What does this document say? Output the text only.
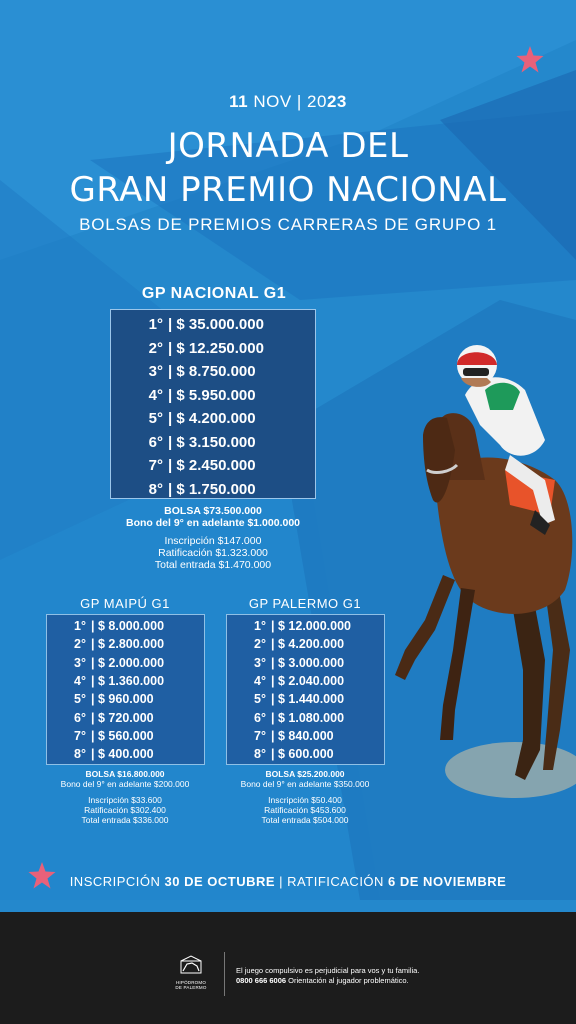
11 NOV | 2023
JORNADA DEL
GRAN PREMIO NACIONAL
BOLSAS DE PREMIOS CARRERAS DE GRUPO 1
GP NACIONAL G1
1° | $ 35.000.000
2° | $ 12.250.000
3° | $ 8.750.000
4° | $ 5.950.000
5° | $ 4.200.000
6° | $ 3.150.000
7° | $ 2.450.000
8° | $ 1.750.000
BOLSA $73.500.000
Bono del 9° en adelante $1.000.000
Inscripción $147.000
Ratificación $1.323.000
Total entrada $1.470.000
GP MAIPÚ G1
1° | $ 8.000.000
2° | $ 2.800.000
3° | $ 2.000.000
4° | $ 1.360.000
5° | $ 960.000
6° | $ 720.000
7° | $ 560.000
8° | $ 400.000
BOLSA $16.800.000
Bono del 9° en adelante $200.000
Inscripción $33.600
Ratificación $302.400
Total entrada $336.000
GP PALERMO G1
1° | $ 12.000.000
2° | $ 4.200.000
3° | $ 3.000.000
4° | $ 2.040.000
5° | $ 1.440.000
6° | $ 1.080.000
7° | $ 840.000
8° | $ 600.000
BOLSA $25.200.000
Bono del 9° en adelante $350.000
Inscripción $50.400
Ratificación $453.600
Total entrada $504.000
INSCRIPCIÓN 30 DE OCTUBRE | RATIFICACIÓN 6 DE NOVIEMBRE
HIPÓDROMO
DE PALERMO
El juego compulsivo es perjudicial para vos y tu familia.
0800 666 6006 Orientación al jugador problemático.
